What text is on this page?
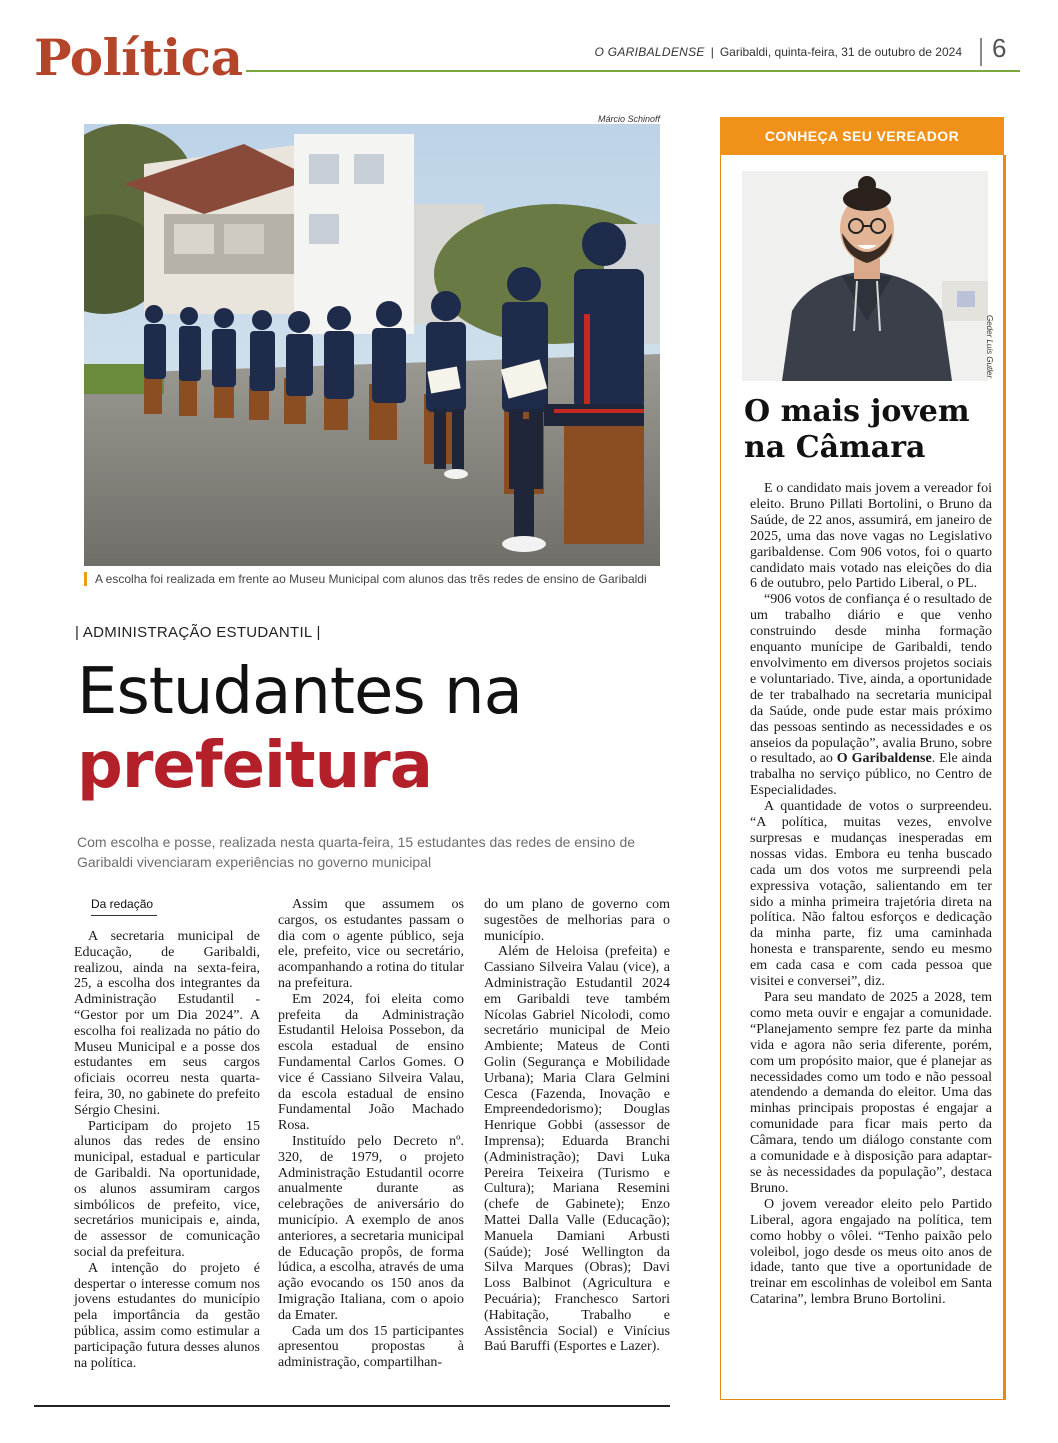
Política	O GARIBALDENSE | Garibaldi, quinta-feira, 31 de outubro de 2024 6
Márcio Schinoff
A escolha foi realizada em frente ao Museu Municipal com alunos das três redes de ensino de Garibaldi
| ADMINISTRAÇÃO ESTUDANTIL |
Estudantes na
prefeitura
Com escolha e posse, realizada nesta quarta-feira, 15 estudantes das redes de ensino de Garibaldi vivenciaram experiências no governo municipal
Da redação

A secretaria municipal de Educação, de Garibaldi, realizou, ainda na sexta-feira, 25, a escolha dos integrantes da Administração Estudantil - “Gestor por um Dia 2024”. A escolha foi realizada no pátio do Museu Municipal e a posse dos estudantes em seus cargos oficiais ocorreu nesta quarta-feira, 30, no gabinete do prefeito Sérgio Chesini.

Participam do projeto 15 alunos das redes de ensino municipal, estadual e particular de Garibaldi. Na oportunidade, os alunos assumiram cargos simbólicos de prefeito, vice, secretários municipais e, ainda, de assessor de comunicação social da prefeitura.

A intenção do projeto é despertar o interesse comum nos jovens estudantes do município pela importância da gestão pública, assim como estimular a participação futura desses alunos na política.

Assim que assumem os cargos, os estudantes passam o dia com o agente público, seja ele, prefeito, vice ou secretário, acompanhando a rotina do titular na prefeitura.

Em 2024, foi eleita como prefeita da Administração Estudantil Heloisa Possebon, da escola estadual de ensino Fundamental Carlos Gomes. O vice é Cassiano Silveira Valau, da escola estadual de ensino Fundamental João Machado Rosa.

Instituído pelo Decreto nº. 320, de 1979, o projeto Administração Estudantil ocorre anualmente durante as celebrações de aniversário do município. A exemplo de anos anteriores, a secretaria municipal de Educação propôs, de forma lúdica, a escolha, através de uma ação evocando os 150 anos da Imigração Italiana, com o apoio da Emater.

Cada um dos 15 participantes apresentou propostas à administração, compartilhan-

do um plano de governo com sugestões de melhorias para o município.

Além de Heloisa (prefeita) e Cassiano Silveira Valau (vice), a Administração Estudantil 2024 em Garibaldi teve também Nícolas Gabriel Nicolodi, como secretário municipal de Meio Ambiente; Mateus de Conti Golin (Segurança e Mobilidade Urbana); Maria Clara Gelmini Cesca (Fazenda, Inovação e Empreendedorismo); Douglas Henrique Gobbi (assessor de Imprensa); Eduarda Branchi (Administração); Davi Luka Pereira Teixeira (Turismo e Cultura); Mariana Resemini (chefe de Gabinete); Enzo Mattei Dalla Valle (Educação); Manuela Damiani Arbusti (Saúde); José Wellington da Silva Marques (Obras); Davi Loss Balbinot (Agricultura e Pecuária); Franchesco Sartori (Habitação, Trabalho e Assistência Social) e Vinícius Baú Baruffi (Esportes e Lazer).

CONHEÇA SEU VEREADOR
Geder Luis Gutler
O mais jovem na Câmara

E o candidato mais jovem a vereador foi eleito. Bruno Pillati Bortolini, o Bruno da Saúde, de 22 anos, assumirá, em janeiro de 2025, uma das nove vagas no Legislativo garibaldense. Com 906 votos, foi o quarto candidato mais votado nas eleições do dia 6 de outubro, pelo Partido Liberal, o PL.

“906 votos de confiança é o resultado de um trabalho diário e que venho construindo desde minha formação enquanto munícipe de Garibaldi, tendo envolvimento em diversos projetos sociais e voluntariado. Tive, ainda, a oportunidade de ter trabalhado na secretaria municipal da Saúde, onde pude estar mais próximo das pessoas sentindo as necessidades e os anseios da população”, avalia Bruno, sobre o resultado, ao O Garibaldense. Ele ainda trabalha no serviço público, no Centro de Especialidades.

A quantidade de votos o surpreendeu. “A política, muitas vezes, envolve surpresas e mudanças inesperadas em nossas vidas. Embora eu tenha buscado cada um dos votos me surpreendi pela expressiva votação, salientando em ter sido a minha primeira trajetória direta na política. Não faltou esforços e dedicação da minha parte, fiz uma caminhada honesta e transparente, sendo eu mesmo em cada casa e com cada pessoa que visitei e conversei”, diz.

Para seu mandato de 2025 a 2028, tem como meta ouvir e engajar a comunidade. “Planejamento sempre fez parte da minha vida e agora não seria diferente, porém, com um propósito maior, que é planejar as necessidades como um todo e não pessoal atendendo a demanda do eleitor. Uma das minhas principais propostas é engajar a comunidade para ficar mais perto da Câmara, tendo um diálogo constante com a comunidade e à disposição para adaptar-se às necessidades da população”, destaca Bruno.

O jovem vereador eleito pelo Partido Liberal, agora engajado na política, tem como hobby o vôlei. “Tenho paixão pelo voleibol, jogo desde os meus oito anos de idade, tanto que tive a oportunidade de treinar em escolinhas de voleibol em Santa Catarina”, lembra Bruno Bortolini.
